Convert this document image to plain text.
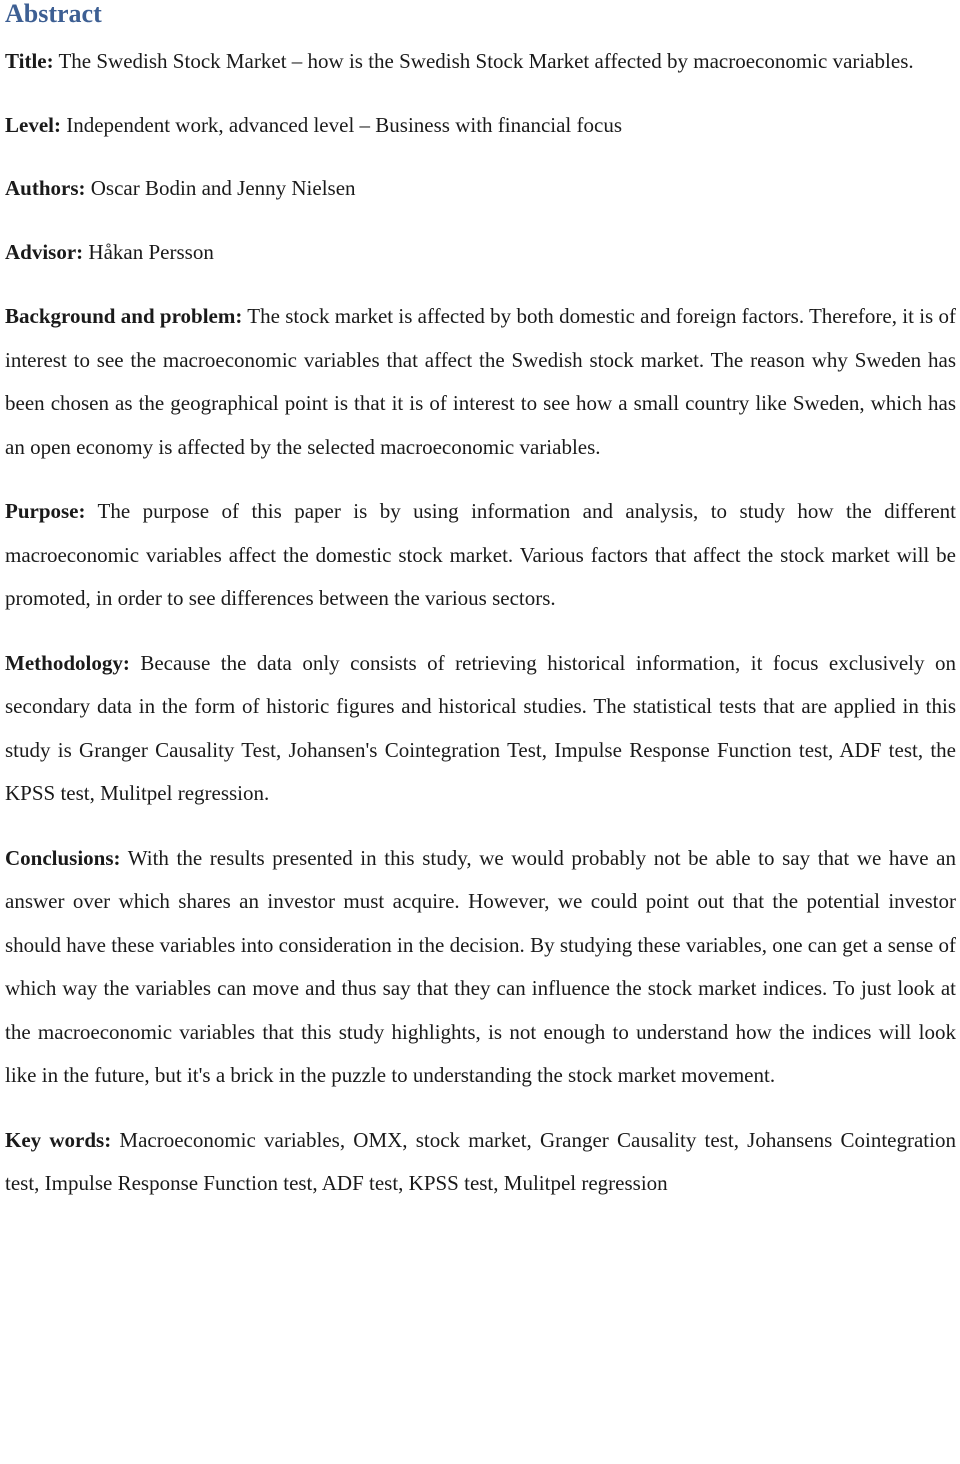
Abstract

Title: The Swedish Stock Market – how is the Swedish Stock Market affected by macroeconomic variables.

Level: Independent work, advanced level – Business with financial focus

Authors: Oscar Bodin and Jenny Nielsen

Advisor: Håkan Persson

Background and problem: The stock market is affected by both domestic and foreign factors. Therefore, it is of interest to see the macroeconomic variables that affect the Swedish stock market. The reason why Sweden has been chosen as the geographical point is that it is of interest to see how a small country like Sweden, which has an open economy is affected by the selected macroeconomic variables.

Purpose: The purpose of this paper is by using information and analysis, to study how the different macroeconomic variables affect the domestic stock market. Various factors that affect the stock market will be promoted, in order to see differences between the various sectors.

Methodology: Because the data only consists of retrieving historical information, it focus exclusively on secondary data in the form of historic figures and historical studies. The statistical tests that are applied in this study is Granger Causality Test, Johansen's Cointegration Test, Impulse Response Function test, ADF test, the KPSS test, Mulitpel regression.

Conclusions: With the results presented in this study, we would probably not be able to say that we have an answer over which shares an investor must acquire. However, we could point out that the potential investor should have these variables into consideration in the decision. By studying these variables, one can get a sense of which way the variables can move and thus say that they can influence the stock market indices. To just look at the macroeconomic variables that this study highlights, is not enough to understand how the indices will look like in the future, but it's a brick in the puzzle to understanding the stock market movement.

Key words: Macroeconomic variables, OMX, stock market, Granger Causality test, Johansens Cointegration test, Impulse Response Function test, ADF test, KPSS test, Mulitpel regression
